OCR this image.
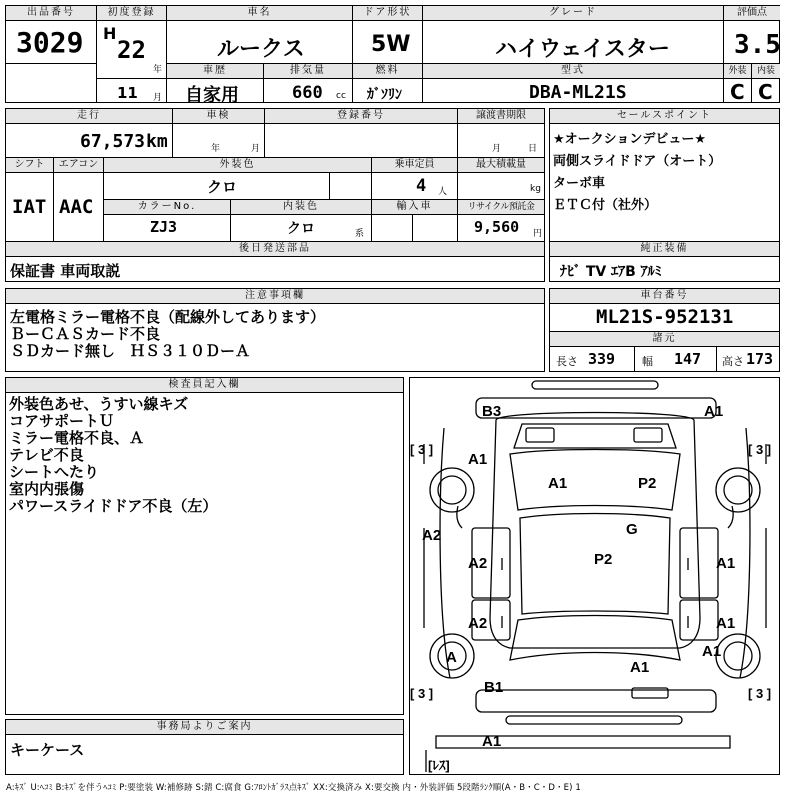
出品番号
3029
初度登録
H
22
年
11 月
車名
ルークス
ドア形状
5W
グレード
ハイウェイスター
評価点
3.5
車歴
自家用
排気量
660 cc
燃料
ｶﾞｿﾘﾝ
型式
DBA-ML21S
外装
C
内装
C
走行
67,573 km
車検
年	月
登録番号	譲渡書期限
月	日
シフト
IAT
エアコン
AAC
外装色
クロ
乗車定員
4 人
最大積載量
kg
カラーNo.
ZJ3
内装色
クロ	系
輸入車	リサイクル預託金
9,560 円
後日発送部品
保証書 車両取説
セールスポイント
★オークションデビュー★
両側スライドドア（オート）
ターボ車
ＥＴＣ付（社外）
純正装備
ﾅﾋﾞ TV ｴｱB ｱﾙﾐ
注意事項欄
左電格ミラー電格不良（配線外してあります）
ＢーＣＡＳカード不良
ＳＤカード無し　ＨＳ３１０ＤーＡ
車台番号
ML21S-952131
諸元
長さ 339 幅 147 高さ 173
検査員記入欄
外装色あせ、うすい線キズ
コアサポートＵ
ミラー電格不良、Ａ
テレビ不良
シートへたり
室内内張傷
パワースライドドア不良（左）
事務局よりご案内
キーケース
B3	A1
A1
A1	P2
G
A2
P2
A2	A1
A2	A1
A
A1
A1
B1
A1
[ 3 ]	[ 3 ]
[ 3 ]	[ 3 ]
[ﾚｽ]
A:ｷｽﾞ U:ﾍｺﾐ B:ｷｽﾞを伴うﾍｺﾐ P:要塗装 W:補修跡 S:錆 C:腐食 G:ﾌﾛﾝﾄｶﾞﾗｽ点ｷｽﾞ XX:交換済み X:要交換 内・外装評価 5段階ﾗﾝｸ順(A・B・C・D・E) 1
